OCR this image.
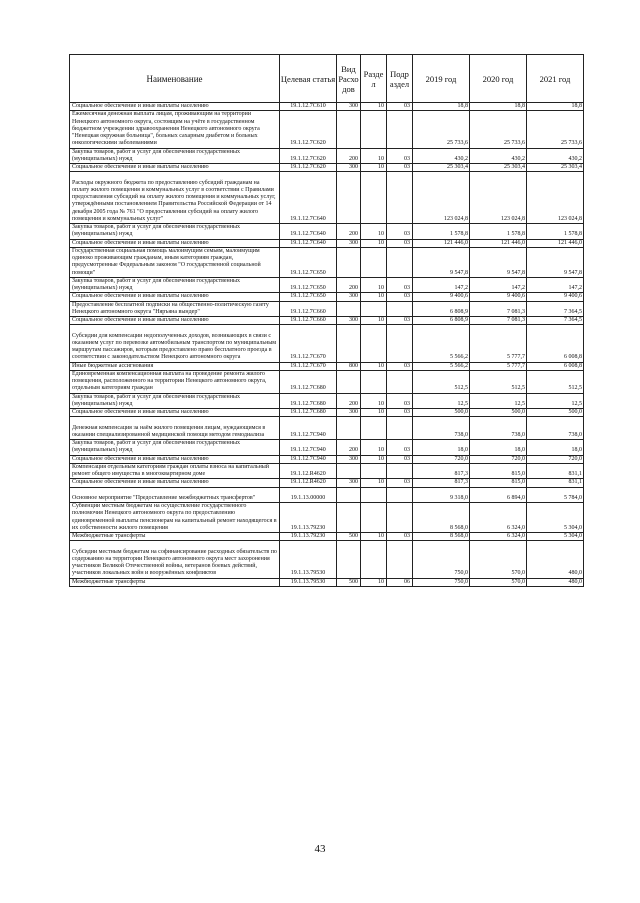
Наименование	Целевая статья	Вид Расхо дов	Разде л	Подр аздел	2019 год	2020 год	2021 год
Социальное обеспечение и иные выплаты населению	19.1.12.7С610	300	10	03	18,8	18,8	18,8
Ежемесячная денежная выплата лицам, проживающим на территории Ненецкого автономного округа, состоящим на учёте в государственном бюджетном учреждении здравоохранения Ненецкого автономного округа "Ненецкая окружная больница", больных сахарным диабетом и больных онкологическими заболеваниями	19.1.12.7С620				25 733,6	25 733,6	25 733,6
Закупка товаров, работ и услуг для обеспечения государственных (муниципальных) нужд	19.1.12.7С620	200	10	03	430,2	430,2	430,2
Социальное обеспечение и иные выплаты населению	19.1.12.7С620	300	10	03	25 303,4	25 303,4	25 303,4
Расходы окружного бюджета по предоставлению субсидий гражданам на оплату жилого помещения и коммунальных услуг в соответствии с Правилами предоставления субсидий на оплату жилого помещения и коммунальных услуг, утверждёнными постановлением Правительства Российской Федерации от 14 декабря 2005 года № 761 "О предоставлении субсидий на оплату жилого помещения и коммунальных услуг"	19.1.12.7С640				123 024,8	123 024,8	123 024,8
Закупка товаров, работ и услуг для обеспечения государственных (муниципальных) нужд	19.1.12.7С640	200	10	03	1 578,8	1 578,8	1 578,8
Социальное обеспечение и иные выплаты населению	19.1.12.7С640	300	10	03	121 446,0	121 446,0	121 446,0
Государственная социальная помощь малоимущим семьям, малоимущим одиноко проживающим гражданам, иным категориям граждан, предусмотренные Федеральным законом "О государственной социальной помощи"	19.1.12.7С650				9 547,8	9 547,8	9 547,8
Закупка товаров, работ и услуг для обеспечения государственных (муниципальных) нужд	19.1.12.7С650	200	10	03	147,2	147,2	147,2
Социальное обеспечение и иные выплаты населению	19.1.12.7С650	300	10	03	9 400,6	9 400,6	9 400,6
Предоставление бесплатной подписки на общественно-политическую газету Ненецкого автономного округа "Няръяна вындер"	19.1.12.7С660				6 808,9	7 081,3	7 364,5
Социальное обеспечение и иные выплаты населению	19.1.12.7С660	300	10	03	6 808,9	7 081,3	7 364,5
Субсидии для компенсации недополученных доходов, возникающих в связи с оказанием услуг по перевозке автомобильным транспортом по муниципальным маршрутам пассажиров, которым предоставлено право бесплатного проезда в соответствии с законодательством Ненецкого автономного округа	19.1.12.7С670				5 566,2	5 777,7	6 008,8
Иные бюджетные ассигнования	19.1.12.7С670	800	10	03	5 566,2	5 777,7	6 008,8
Единовременная компенсационная выплата на проведение ремонта жилого помещения, расположенного на территории Ненецкого автономного округа, отдельным категориям граждан	19.1.12.7С680				512,5	512,5	512,5
Закупка товаров, работ и услуг для обеспечения государственных (муниципальных) нужд	19.1.12.7С680	200	10	03	12,5	12,5	12,5
Социальное обеспечение и иные выплаты населению	19.1.12.7С680	300	10	03	500,0	500,0	500,0
Денежная компенсация за наём жилого помещения лицам, нуждающимся в оказании специализированной медицинской помощи методом гемодиализа	19.1.12.7С940				738,0	738,0	738,0
Закупка товаров, работ и услуг для обеспечения государственных (муниципальных) нужд	19.1.12.7С940	200	10	03	18,0	18,0	18,0
Социальное обеспечение и иные выплаты населению	19.1.12.7С940	300	10	03	720,0	720,0	720,0
Компенсация отдельным категориям граждан оплаты взноса на капитальный ремонт общего имущества в многоквартирном доме	19.1.12.R4620				817,3	815,0	831,1
Социальное обеспечение и иные выплаты населению	19.1.12.R4620	300	10	03	817,3	815,0	831,1
Основное мероприятие "Предоставление межбюджетных трансфертов"	19.1.13.00000				9 318,0	6 894,0	5 784,0
Субвенции местным бюджетам на осуществление государственного полномочия Ненецкого автономного округа по предоставлению единовременной выплаты пенсионерам на капитальный ремонт находящегося в их собственности жилого помещения	19.1.13.79230				8 568,0	6 324,0	5 304,0
Межбюджетные трансферты	19.1.13.79230	500	10	03	8 568,0	6 324,0	5 304,0
Субсидии местным бюджетам на софинансирование расходных обязательств по содержанию на территории Ненецкого автономного округа мест захоронения участников Великой Отечественной войны, ветеранов боевых действий, участников локальных войн и вооружённых конфликтов	19.1.13.79530				750,0	570,0	480,0
Межбюджетные трансферты	19.1.13.79530	500	10	06	750,0	570,0	480,0
43
